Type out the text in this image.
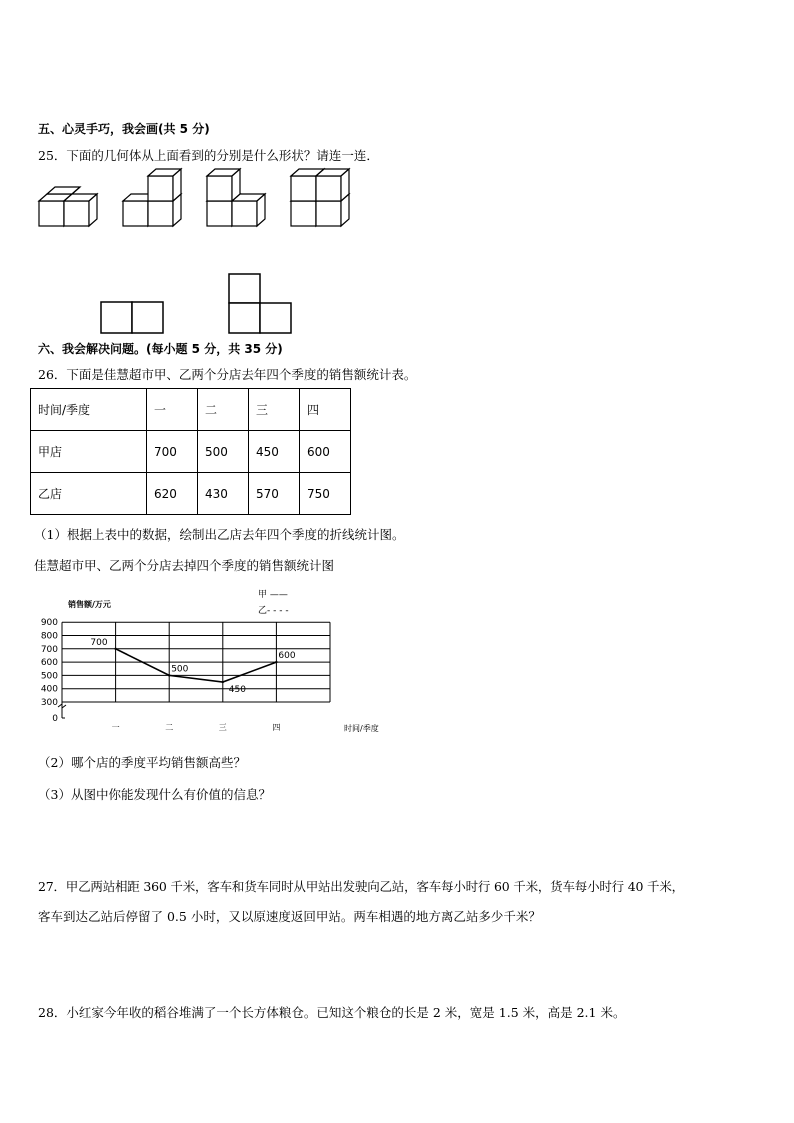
五、心灵手巧，我会画(共 5 分)
25．下面的几何体从上面看到的分别是什么形状？请连一连．
六、我会解决问题。(每小题 5 分，共 35 分)
26．下面是佳慧超市甲、乙两个分店去年四个季度的销售额统计表。
时间/季度	一	二	三	四
甲店	700	500	450	600
乙店	620	430	570	750
（1）根据上表中的数据，绘制出乙店去年四个季度的折线统计图。
佳慧超市甲、乙两个分店去掉四个季度的销售额统计图
0
300
400
500
600
700
800
900
一	二	三	四
销售额/万元
时间/季度
甲 ——
乙- - - -
700
500
450
600
（2）哪个店的季度平均销售额高些？
（3）从图中你能发现什么有价值的信息？
27．甲乙两站相距 360 千米，客车和货车同时从甲站出发驶向乙站，客车每小时行 60 千米，货车每小时行 40 千米，
客车到达乙站后停留了 0.5 小时，又以原速度返回甲站。两车相遇的地方离乙站多少千米？
28．小红家今年收的稻谷堆满了一个长方体粮仓。已知这个粮仓的长是 2 米，宽是 1.5 米，高是 2.1 米。
